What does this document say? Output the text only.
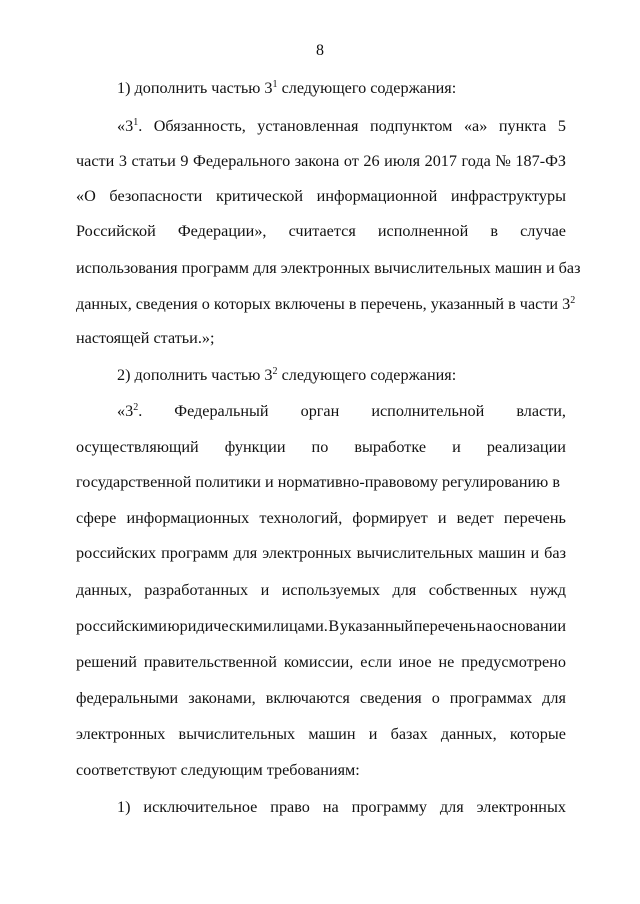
8
1) дополнить частью $3^1$ следующего содержания:
«$3^1$. Обязанность, установленная подпунктом «а» пункта 5
части 3 статьи 9 Федерального закона от 26 июля 2017 года № 187-ФЗ
«О безопасности критической информационной инфраструктуры
Российской Федерации», считается исполненной в случае
использования программ для электронных вычислительных машин и баз
данных, сведения о которых включены в перечень, указанный в части $3^2$
настоящей статьи.»;
2) дополнить частью $3^2$ следующего содержания:
«$3^2$. Федеральный орган исполнительной власти,
осуществляющий функции по выработке и реализации
государственной политики и нормативно-правовому регулированию в
сфере информационных технологий, формирует и ведет перечень
российских программ для электронных вычислительных машин и баз
данных, разработанных и используемых для собственных нужд
российскими юридическими лицами. В указанный перечень на основании
решений правительственной комиссии, если иное не предусмотрено
федеральными законами, включаются сведения о программах для
электронных вычислительных машин и базах данных, которые
соответствуют следующим требованиям:
1) исключительное право на программу для электронных
